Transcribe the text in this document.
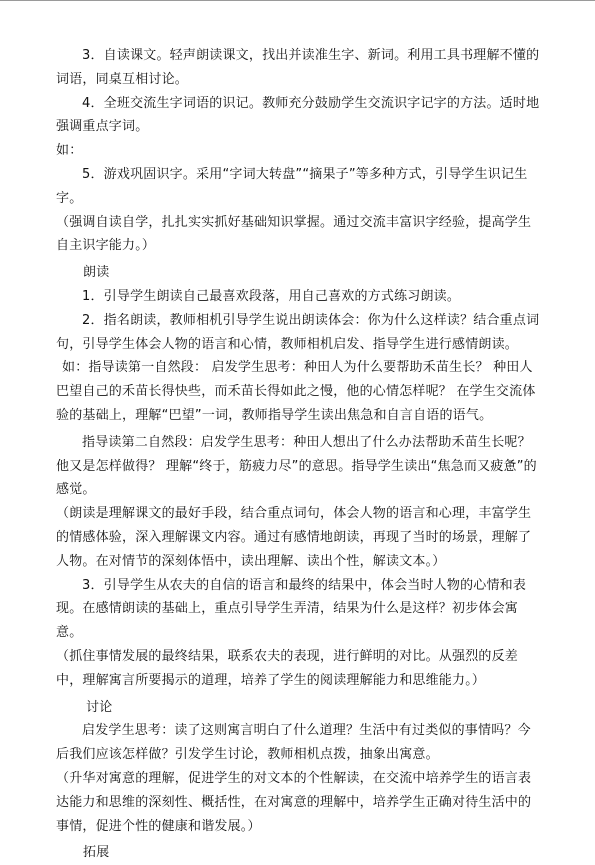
3．自读课文。轻声朗读课文，找出并读准生字、新词。利用工具书理解不懂的词语，同桌互相讨论。

4．全班交流生字词语的识记。教师充分鼓励学生交流识字记字的方法。适时地强调重点字词。

如：

5．游戏巩固识字。采用“字词大转盘”“摘果子”等多种方式，引导学生识记生字。

（强调自读自学，扎扎实实抓好基础知识掌握。通过交流丰富识字经验，提高学生自主识字能力。）

朗读

1．引导学生朗读自己最喜欢段落，用自己喜欢的方式练习朗读。

2．指名朗读，教师相机引导学生说出朗读体会：你为什么这样读？结合重点词句，引导学生体会人物的语言和心情，教师相机启发、指导学生进行感情朗读。

如：指导读第一自然段： 启发学生思考：种田人为什么要帮助禾苗生长？ 种田人巴望自己的禾苗长得快些，而禾苗长得如此之慢，他的心情怎样呢？ 在学生交流体验的基础上，理解“巴望”一词，教师指导学生读出焦急和自言自语的语气。

指导读第二自然段：启发学生思考：种田人想出了什么办法帮助禾苗生长呢？他又是怎样做得？ 理解“终于，筋疲力尽”的意思。指导学生读出“焦急而又疲惫”的感觉。

（朗读是理解课文的最好手段，结合重点词句，体会人物的语言和心理，丰富学生的情感体验，深入理解课文内容。通过有感情地朗读，再现了当时的场景，理解了人物。在对情节的深刻体悟中，读出理解、读出个性，解读文本。）

3．引导学生从农夫的自信的语言和最终的结果中，体会当时人物的心情和表现。在感情朗读的基础上，重点引导学生弄清，结果为什么是这样？初步体会寓意。

（抓住事情发展的最终结果，联系农夫的表现，进行鲜明的对比。从强烈的反差中，理解寓言所要揭示的道理，培养了学生的阅读理解能力和思维能力。）

讨论

启发学生思考：读了这则寓言明白了什么道理？生活中有过类似的事情吗？今后我们应该怎样做？引发学生讨论，教师相机点拨，抽象出寓意。

（升华对寓意的理解，促进学生的对文本的个性解读，在交流中培养学生的语言表达能力和思维的深刻性、概括性，在对寓意的理解中，培养学生正确对待生活中的事情，促进个性的健康和谐发展。）

拓展
